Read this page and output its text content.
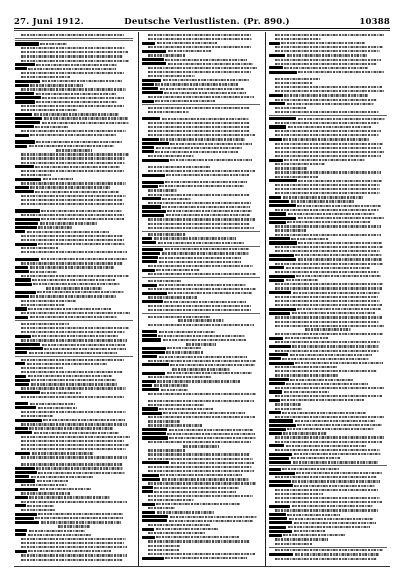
27. Juni 1912.	Deutsche Verlustlisten. (Pr. 890.)	10388
